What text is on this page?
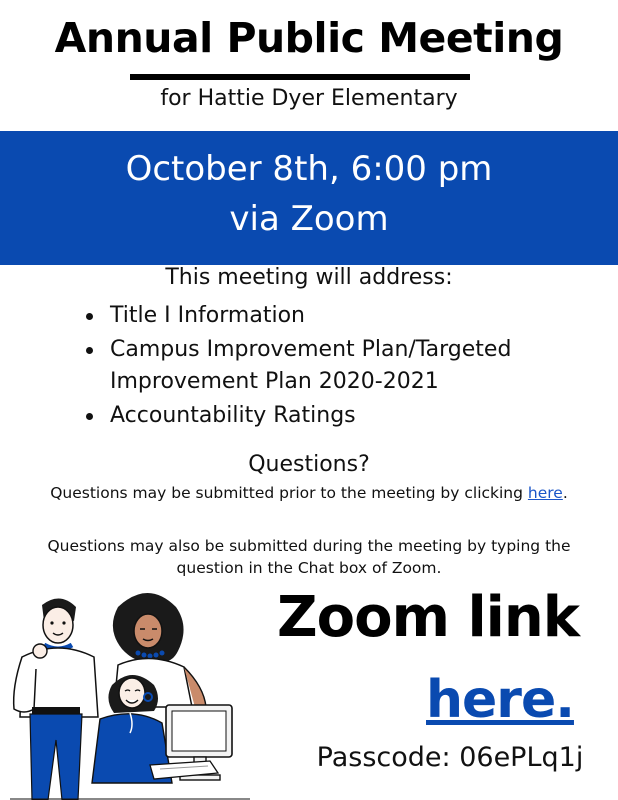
Annual Public Meeting
for Hattie Dyer Elementary
October 8th, 6:00 pm
via Zoom
This meeting will address:
Title I Information
Campus Improvement Plan/Targeted Improvement Plan 2020-2021
Accountability Ratings
Questions?
Questions may be submitted prior to the meeting by clicking here.
Questions may also be submitted during the meeting by typing the question in the Chat box of Zoom.
Zoom link
here.
Passcode: 06ePLq1j
